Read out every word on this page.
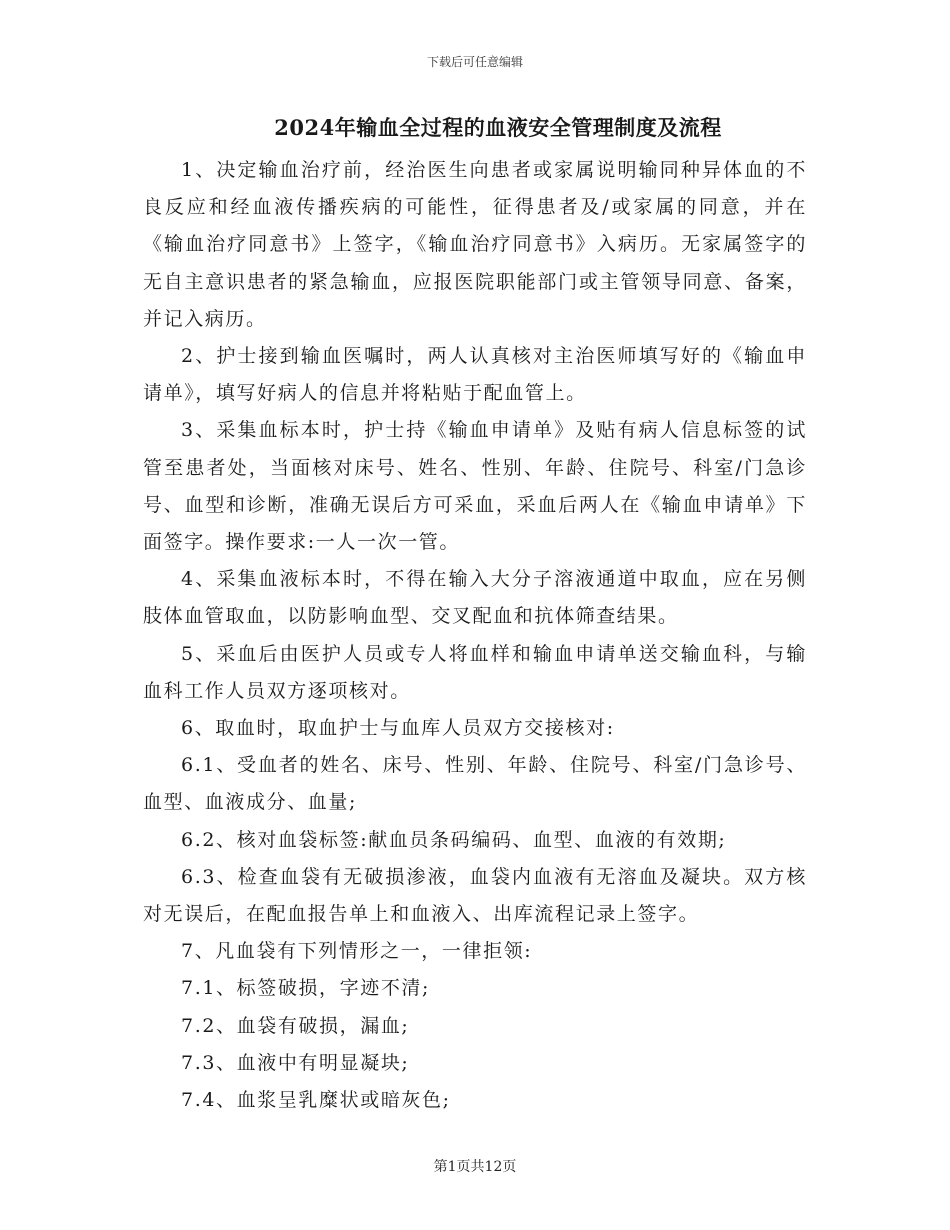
下载后可任意编辑
2024年输血全过程的血液安全管理制度及流程

1、决定输血治疗前，经治医生向患者或家属说明输同种异体血的不良反应和经血液传播疾病的可能性，征得患者及/或家属的同意，并在《输血治疗同意书》上签字，《输血治疗同意书》入病历。无家属签字的无自主意识患者的紧急输血，应报医院职能部门或主管领导同意、备案，并记入病历。

2、护士接到输血医嘱时，两人认真核对主治医师填写好的《输血申请单》，填写好病人的信息并将粘贴于配血管上。

3、采集血标本时，护士持《输血申请单》及贴有病人信息标签的试管至患者处，当面核对床号、姓名、性别、年龄、住院号、科室/门急诊号、血型和诊断，准确无误后方可采血，采血后两人在《输血申请单》下面签字。操作要求:一人一次一管。

4、采集血液标本时，不得在输入大分子溶液通道中取血，应在另侧肢体血管取血，以防影响血型、交叉配血和抗体筛查结果。

5、采血后由医护人员或专人将血样和输血申请单送交输血科，与输血科工作人员双方逐项核对。

6、取血时，取血护士与血库人员双方交接核对:

6.1、受血者的姓名、床号、性别、年龄、住院号、科室/门急诊号、血型、血液成分、血量;

6.2、核对血袋标签:献血员条码编码、血型、血液的有效期;

6.3、检查血袋有无破损渗液，血袋内血液有无溶血及凝块。双方核对无误后，在配血报告单上和血液入、出库流程记录上签字。

7、凡血袋有下列情形之一，一律拒领:

7.1、标签破损，字迹不清;

7.2、血袋有破损，漏血;

7.3、血液中有明显凝块;

7.4、血浆呈乳糜状或暗灰色;

第1页共12页
